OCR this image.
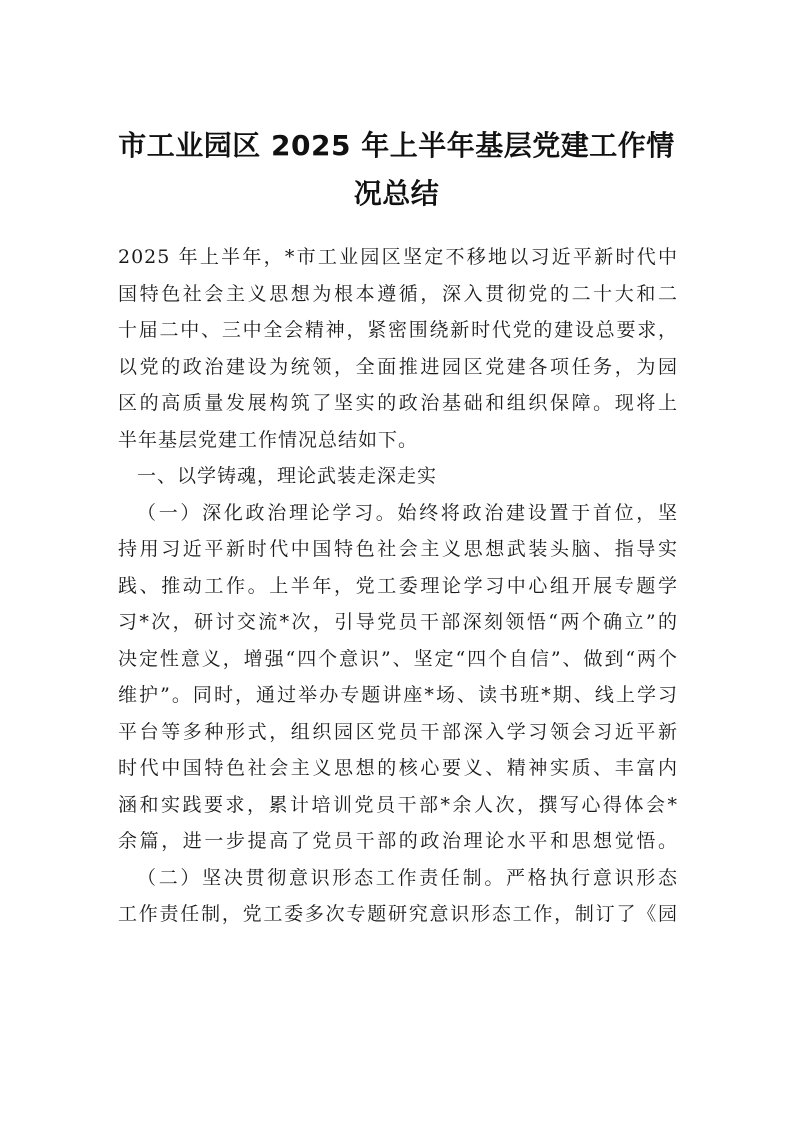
市工业园区 2025 年上半年基层党建工作情
况总结
2025 年上半年，*市工业园区坚定不移地以习近平新时代中
国特色社会主义思想为根本遵循，深入贯彻党的二十大和二
十届二中、三中全会精神，紧密围绕新时代党的建设总要求，
以党的政治建设为统领，全面推进园区党建各项任务，为园
区的高质量发展构筑了坚实的政治基础和组织保障。现将上
半年基层党建工作情况总结如下。
一、以学铸魂，理论武装走深走实
（一）深化政治理论学习。始终将政治建设置于首位，坚
持用习近平新时代中国特色社会主义思想武装头脑、指导实
践、推动工作。上半年，党工委理论学习中心组开展专题学
习*次，研讨交流*次，引导党员干部深刻领悟“两个确立”的
决定性意义，增强“四个意识”、坚定“四个自信”、做到“两个
维护”。同时，通过举办专题讲座*场、读书班*期、线上学习
平台等多种形式，组织园区党员干部深入学习领会习近平新
时代中国特色社会主义思想的核心要义、精神实质、丰富内
涵和实践要求，累计培训党员干部*余人次，撰写心得体会*
余篇，进一步提高了党员干部的政治理论水平和思想觉悟。
（二）坚决贯彻意识形态工作责任制。严格执行意识形态
工作责任制，党工委多次专题研究意识形态工作，制订了《园
